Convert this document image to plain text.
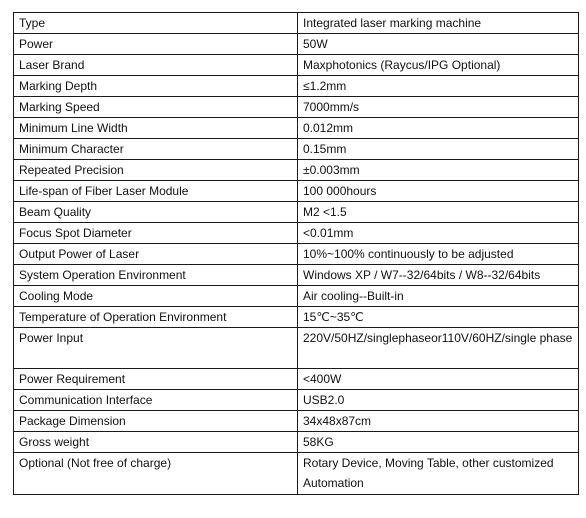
Type	Integrated laser marking machine
Power	50W
Laser Brand	Maxphotonics (Raycus/IPG Optional)
Marking Depth	≤1.2mm
Marking Speed	7000mm/s
Minimum Line Width	0.012mm
Minimum Character	0.15mm
Repeated Precision	±0.003mm
Life-span of Fiber Laser Module	100 000hours
Beam Quality	M2 <1.5
Focus Spot Diameter	<0.01mm
Output Power of Laser	10%~100% continuously to be adjusted
System Operation Environment	Windows XP / W7--32/64bits / W8--32/64bits
Cooling Mode	Air cooling--Built-in
Temperature of Operation Environment	15℃~35℃
Power Input	220V/50HZ/singlephaseor110V/60HZ/single phase
Power Requirement	<400W
Communication Interface	USB2.0
Package Dimension	34x48x87cm
Gross weight	58KG
Optional (Not free of charge)	Rotary Device, Moving Table, other customized Automation
